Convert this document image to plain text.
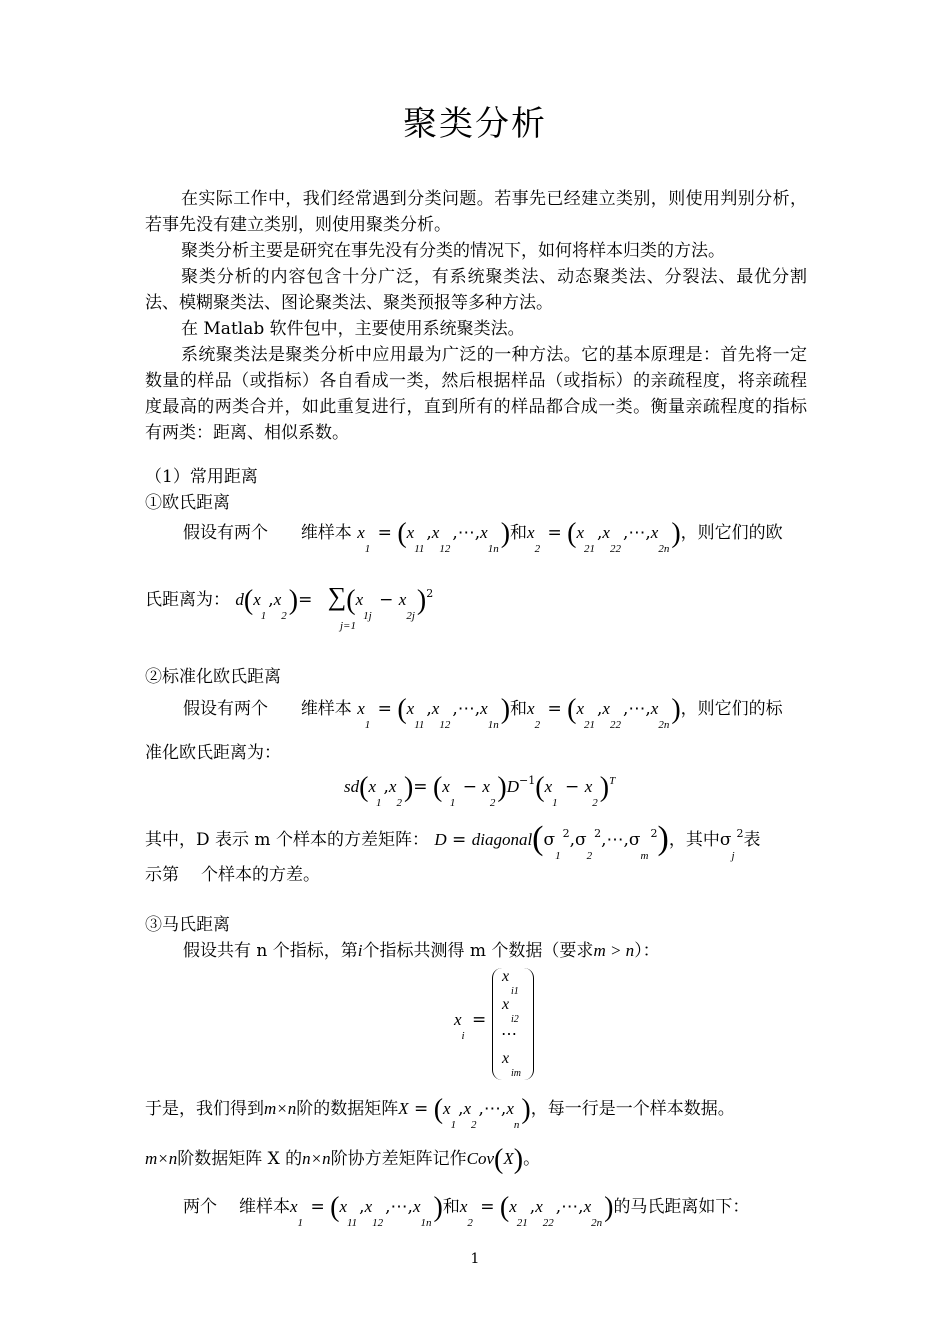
聚类分析
在实际工作中，我们经常遇到分类问题。若事先已经建立类别，则使用判别分析，若事先没有建立类别，则使用聚类分析。
聚类分析主要是研究在事先没有分类的情况下，如何将样本归类的方法。
聚类分析的内容包含十分广泛，有系统聚类法、动态聚类法、分裂法、最优分割法、模糊聚类法、图论聚类法、聚类预报等多种方法。
在 Matlab 软件包中，主要使用系统聚类法。
系统聚类法是聚类分析中应用最为广泛的一种方法。它的基本原理是：首先将一定数量的样品（或指标）各自看成一类，然后根据样品（或指标）的亲疏程度，将亲疏程度最高的两类合并，如此重复进行，直到所有的样品都合成一类。衡量亲疏程度的指标有两类：距离、相似系数。
（1）常用距离
①欧氏距离
假设有两个 维样本 $x_1$ = $(x_{11},x_{12},\cdots,x_{1n})$和$x_2$ = $(x_{21},x_{22},\cdots,x_{2n})$，则它们的欧
氏距离为： $d(x_1,x_2)= \sum(x_{1j} - x_{2j})^2$
j=1
②标准化欧氏距离
假设有两个 维样本 $x_1$ = $(x_{11},x_{12},\cdots,x_{1n})$和$x_2$ = $(x_{21},x_{22},\cdots,x_{2n})$，则它们的标
准化欧氏距离为：
$sd(x_1,x_2)= (x_1 - x_2)D^{-1}(x_1 - x_2)^T$
其中，D 表示 m 个样本的方差矩阵： $D = diagonal(\sigma_1^2,\sigma_2^2,\cdots,\sigma_m^2)$，其中$\sigma_j^2$表
示第 个样本的方差。
③马氏距离
假设共有 n 个指标，第i个指标共测得 m 个数据（要求m > n）：
$x_i$ =
x
i1
x
i2
⋯
x
im
于是，我们得到m×n阶的数据矩阵$X = (x_1,x_2,\cdots,x_n)$，每一行是一个样本数据。
m×n阶数据矩阵 X 的n×n阶协方差矩阵记作Cov(X)。
两个 维样本$x_1$ = $(x_{11},x_{12},\cdots,x_{1n})$和$x_2$ = $(x_{21},x_{22},\cdots,x_{2n})$的马氏距离如下：
1
